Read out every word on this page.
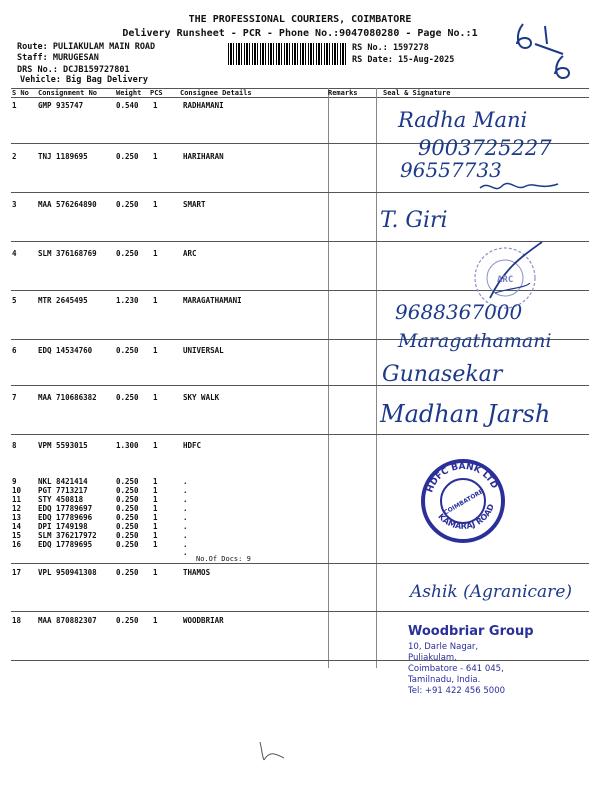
THE PROFESSIONAL COURIERS, COIMBATORE
Delivery Runsheet - PCR - Phone No.:9047080280 - Page No.:1
Route: PULIAKULAM MAIN ROAD
Staff: MURUGESAN
DRS No.: DCJB159727801
Vehicle: Big Bag Delivery
RS No.: 1597278
RS Date: 15-Aug-2025
S No Consignment No	Weight PCS Consignee Details	Remarks	Seal & Signature
1	GMP 935747	0.540 1	RADHAMANI
2	TNJ 1189695	0.250 1	HARIHARAN
3	MAA 576264890	0.250 1	SMART
4	SLM 376168769	0.250 1	ARC
5	MTR 2645495	1.230 1	MARAGATHAMANI
6	EDQ 14534760	0.250 1	UNIVERSAL
7	MAA 710686382	0.250 1	SKY WALK
8	VPM 5593015	1.300 1	HDFC
9	NKL 8421414	0.250 1	.
10 PGT 7713217	0.250 1	.
11 STY 450818	0.250 1	.
12 EDQ 17789697	0.250 1	.
13 EDQ 17789696	0.250 1	.
14 DPI 1749198	0.250 1	.
15 SLM 376217972	0.250 1	.
16 EDQ 17789695	0.250 1	.
.
No.Of Docs: 9
17 VPL 950941308	0.250 1	THAMOS
18 MAA 870882307	0.250 1	WOODBRIAR
Radha Mani
9003725227
96557733
T. Giri
ARC
9688367000
Maragathamani
Gunasekar
Madhan Jarsh
HDFC BANK LTD
KAMARAJ ROAD
COIMBATORE
Ashik (Agranicare)
Woodbriar Group
10, Darle Nagar,
Puliakulam,
Coimbatore - 641 045,
Tamilnadu, India.
Tel: +91 422 456 5000
